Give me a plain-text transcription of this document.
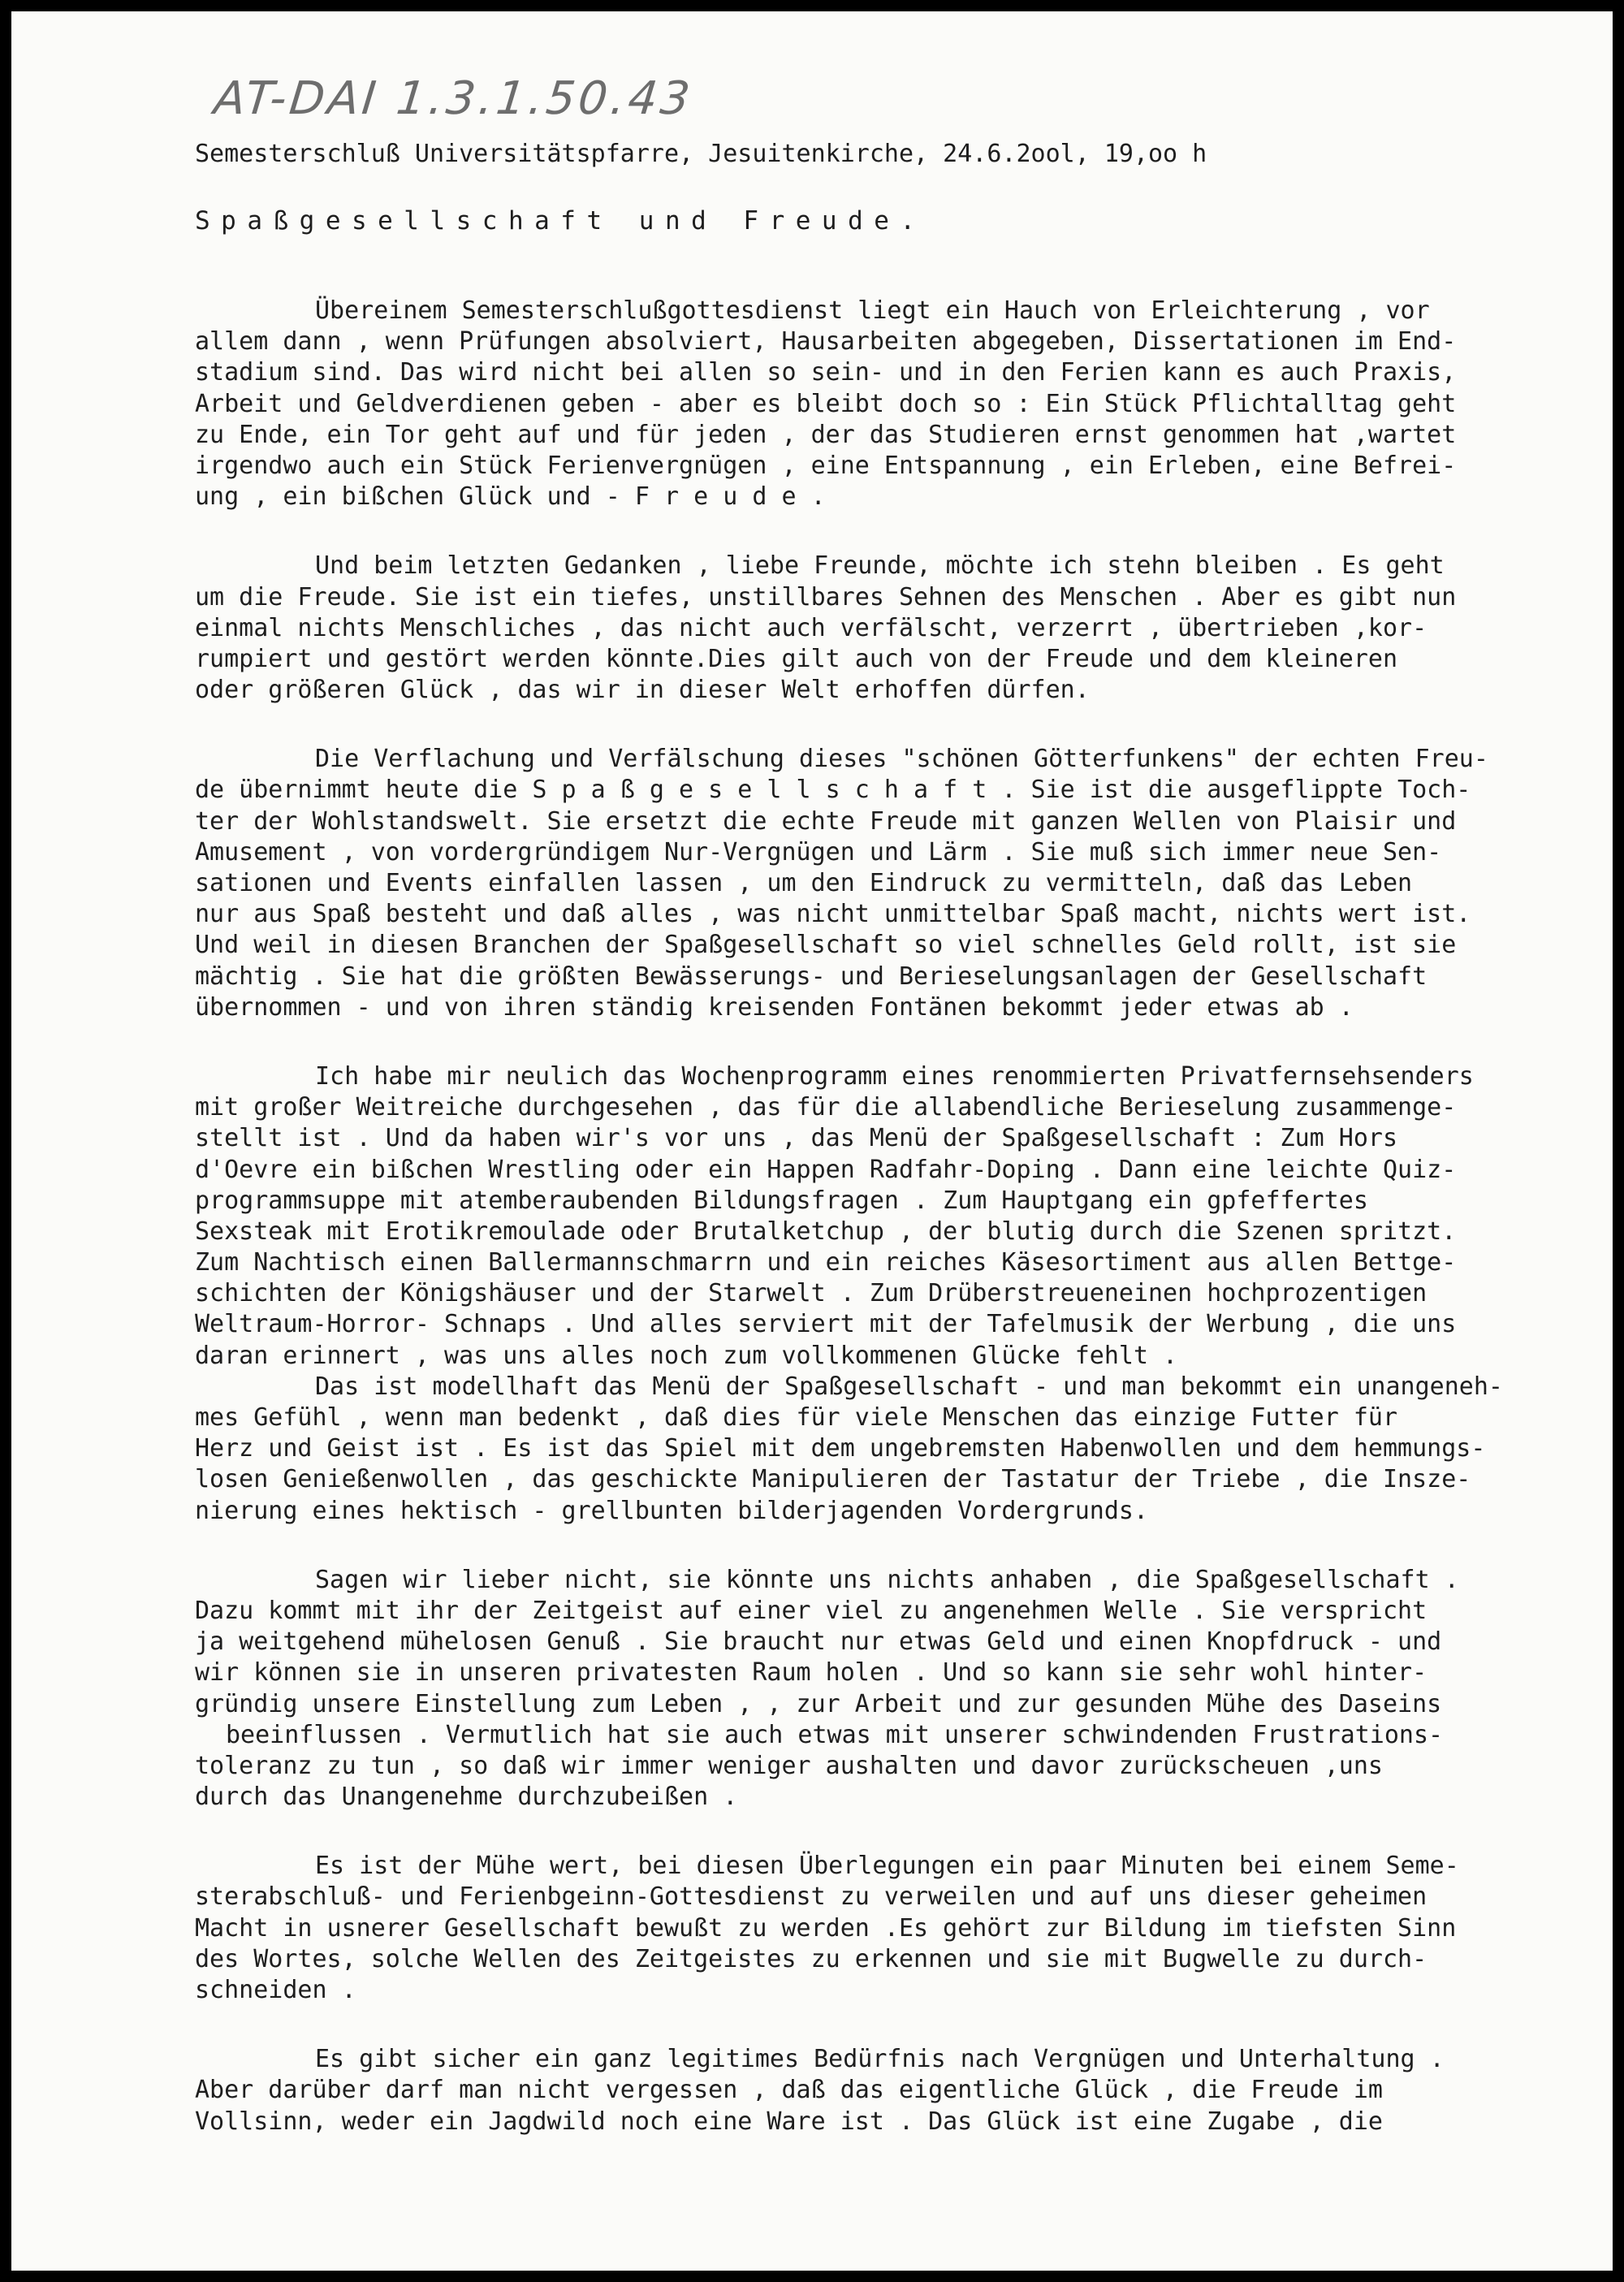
AT-DAI 1.3.1.50.43
Semesterschluß Universitätspfarre, Jesuitenkirche, 24.6.2ool, 19,oo h
Spaßgesellschaft und Freude.
Übereinem Semesterschlußgottesdienst liegt ein Hauch von Erleichterung , vor
allem dann , wenn Prüfungen absolviert, Hausarbeiten abgegeben, Dissertationen im End-
stadium sind. Das wird nicht bei allen so sein- und in den Ferien kann es auch Praxis,
Arbeit und Geldverdienen geben - aber es bleibt doch so : Ein Stück Pflichtalltag geht
zu Ende, ein Tor geht auf und für jeden , der das Studieren ernst genommen hat ,wartet
irgendwo auch ein Stück Ferienvergnügen , eine Entspannung , ein Erleben, eine Befrei-
ung , ein bißchen Glück und - F r e u d e .
Und beim letzten Gedanken , liebe Freunde, möchte ich stehn bleiben . Es geht
um die Freude. Sie ist ein tiefes, unstillbares Sehnen des Menschen . Aber es gibt nun
einmal nichts Menschliches , das nicht auch verfälscht, verzerrt , übertrieben ,kor-
rumpiert und gestört werden könnte.Dies gilt auch von der Freude und dem kleineren
oder größeren Glück , das wir in dieser Welt erhoffen dürfen.
Die Verflachung und Verfälschung dieses "schönen Götterfunkens" der echten Freu-
de übernimmt heute die S p a ß g e s e l l s c h a f t . Sie ist die ausgeflippte Toch-
ter der Wohlstandswelt. Sie ersetzt die echte Freude mit ganzen Wellen von Plaisir und
Amusement , von vordergründigem Nur-Vergnügen und Lärm . Sie muß sich immer neue Sen-
sationen und Events einfallen lassen , um den Eindruck zu vermitteln, daß das Leben
nur aus Spaß besteht und daß alles , was nicht unmittelbar Spaß macht, nichts wert ist.
Und weil in diesen Branchen der Spaßgesellschaft so viel schnelles Geld rollt, ist sie
mächtig . Sie hat die größten Bewässerungs- und Berieselungsanlagen der Gesellschaft
übernommen - und von ihren ständig kreisenden Fontänen bekommt jeder etwas ab .
Ich habe mir neulich das Wochenprogramm eines renommierten Privatfernsehsenders
mit großer Weitreiche durchgesehen , das für die allabendliche Berieselung zusammenge-
stellt ist . Und da haben wir's vor uns , das Menü der Spaßgesellschaft : Zum Hors
d'Oevre ein bißchen Wrestling oder ein Happen Radfahr-Doping . Dann eine leichte Quiz-
programmsuppe mit atemberaubenden Bildungsfragen . Zum Hauptgang ein gpfeffertes
Sexsteak mit Erotikremoulade oder Brutalketchup , der blutig durch die Szenen spritzt.
Zum Nachtisch einen Ballermannschmarrn und ein reiches Käsesortiment aus allen Bettge-
schichten der Königshäuser und der Starwelt . Zum Drüberstreueneinen hochprozentigen
Weltraum-Horror- Schnaps . Und alles serviert mit der Tafelmusik der Werbung , die uns
daran erinnert , was uns alles noch zum vollkommenen Glücke fehlt .
Das ist modellhaft das Menü der Spaßgesellschaft - und man bekommt ein unangeneh-
mes Gefühl , wenn man bedenkt , daß dies für viele Menschen das einzige Futter für
Herz und Geist ist . Es ist das Spiel mit dem ungebremsten Habenwollen und dem hemmungs-
losen Genießenwollen , das geschickte Manipulieren der Tastatur der Triebe , die Insze-
nierung eines hektisch - grellbunten bilderjagenden Vordergrunds.
Sagen wir lieber nicht, sie könnte uns nichts anhaben , die Spaßgesellschaft .
Dazu kommt mit ihr der Zeitgeist auf einer viel zu angenehmen Welle . Sie verspricht
ja weitgehend mühelosen Genuß . Sie braucht nur etwas Geld und einen Knopfdruck - und
wir können sie in unseren privatesten Raum holen . Und so kann sie sehr wohl hinter-
gründig unsere Einstellung zum Leben , , zur Arbeit und zur gesunden Mühe des Daseins
beeinflussen . Vermutlich hat sie auch etwas mit unserer schwindenden Frustrations-
toleranz zu tun , so daß wir immer weniger aushalten und davor zurückscheuen ,uns
durch das Unangenehme durchzubeißen .
Es ist der Mühe wert, bei diesen Überlegungen ein paar Minuten bei einem Seme-
sterabschluß- und Ferienbgeinn-Gottesdienst zu verweilen und auf uns dieser geheimen
Macht in usnerer Gesellschaft bewußt zu werden .Es gehört zur Bildung im tiefsten Sinn
des Wortes, solche Wellen des Zeitgeistes zu erkennen und sie mit Bugwelle zu durch-
schneiden .
Es gibt sicher ein ganz legitimes Bedürfnis nach Vergnügen und Unterhaltung .
Aber darüber darf man nicht vergessen , daß das eigentliche Glück , die Freude im
Vollsinn, weder ein Jagdwild noch eine Ware ist . Das Glück ist eine Zugabe , die
